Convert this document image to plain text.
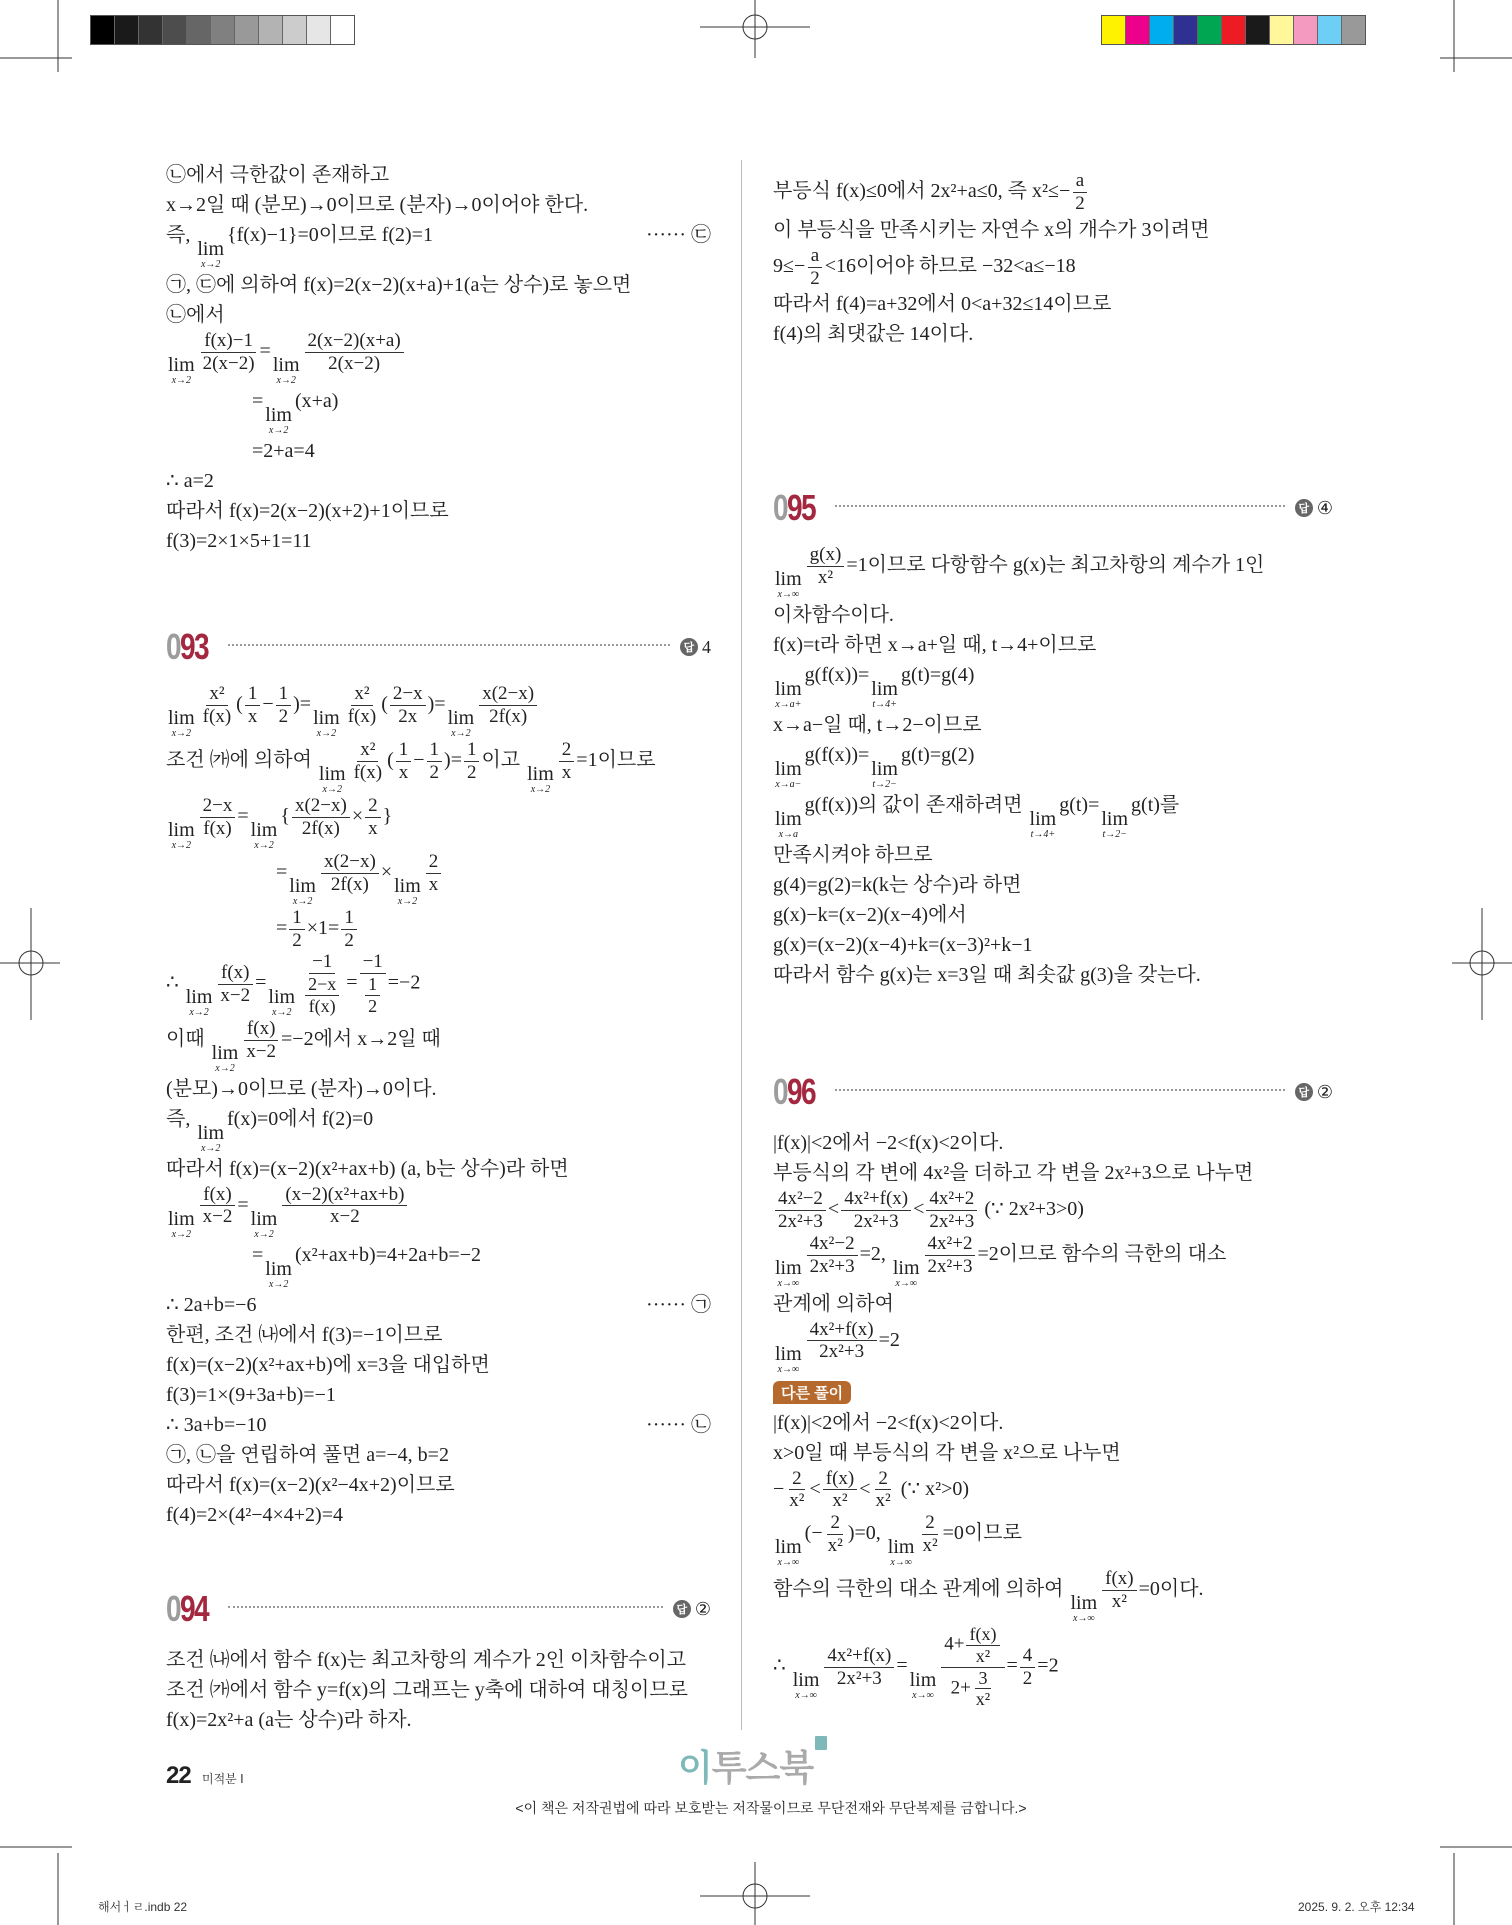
㉡에서 극한값이 존재하고
x→2일 때 (분모)→0이므로 (분자)→0이어야 한다.
즉,
lim
x→2
{f(x)−1}=0이므로 f(2)=1	······ ㉢
㉠, ㉢에 의하여 f(x)=2(x−2)(x+a)+1(a는 상수)로 놓으면
㉡에서
lim
x→2
$\frac{f(x)-1}{2(x-2)}$ =
lim
x→2
$\frac{2(x-2)(x+a)}{2(x-2)}$
=
lim
x→2
(x+a)
=2+a=4
∴ a=2
따라서 f(x)=2(x−2)(x+2)+1이므로
f(3)=2×1×5+1=11
0 93	답 4
lim
x→2
$\frac{\text{x²}}{f(x)}$ ( $\frac{1}{x} - \frac{1}{2}$ )=
lim
x→2
$\frac{\text{x²}}{f(x)}$ ( $\frac{2-x}{2x}$ )=
lim
x→2
$\frac{x(2-x)}{2f(x)}$
조건 ㈎에 의하여
lim
x→2
$\frac{\text{x²}}{f(x)}$ ( $\frac{1}{x} - \frac{1}{2}$ )= $\frac{1}{2}$ 이고
lim
x→2
$\frac{2}{x} =1$이므로
lim
x→2
$\frac{2-x}{f(x)}$ =
lim
x→2
{ $\frac{x(2-x)}{2f(x)} \times \frac{2}{x}$ }
=
lim
x→2
$\frac{x(2-x)}{2f(x)}$ ×
lim
x→2
$\frac{2}{x}$
= $\frac{1}{2} \times 1= \frac{1}{2}$
∴
lim
x→2
$\frac{f(x)}{x-2}$ =
lim
$x\to 2 \frac{-1}{\frac{2-x}{f(x)}} = \frac{-1}{\frac{1}{2}} =-2$
이때
lim
x→2
$\frac{f(x)}{x-2} =-2$에서 x→2일 때
(분모)→0이므로 (분자)→0이다.
즉,
lim
x→2
f(x)=0에서 f(2)=0
따라서 f(x)=(x−2)(x²+ax+b) (a, b는 상수)라 하면
lim
x→2
$\frac{f(x)}{x-2}$ =
lim
x→2
$\frac{\text{(x−2)(x²+ax+b)}}{x-2}$
=
lim
x→2
(x²+ax+b)=4+2a+b=−2
∴ 2a+b=−6	······ ㉠
한편, 조건 ㈏에서 f(3)=−1이므로
f(x)=(x−2)(x²+ax+b)에 x=3을 대입하면
f(3)=1×(9+3a+b)=−1
∴ 3a+b=−10	······ ㉡
㉠, ㉡을 연립하여 풀면 a=−4, b=2
따라서 f(x)=(x−2)(x²−4x+2)이므로
f(4)=2×(4²−4×4+2)=4
0 94	답 ②
조건 ㈏에서 함수 f(x)는 최고차항의 계수가 2인 이차함수이고
조건 ㈎에서 함수 y=f(x)의 그래프는 y축에 대하여 대칭이므로
f(x)=2x²+a (a는 상수)라 하자.
부등식 f(x)≤0에서 2x²+a≤0, 즉 $x^2\le- \frac{a}{2}$
이 부등식을 만족시키는 자연수 x의 개수가 3이려면
$9\le- \frac{a}{2} <16$이어야 하므로 −32<a≤−18
따라서 f(4)=a+32에서 0<a+32≤14이므로
f(4)의 최댓값은 14이다.
0 95	답 ④
lim
x→∞
$\frac{g(x)}{\text{x²}} =1$이므로 다항함수 g(x)는 최고차항의 계수가 1인
이차함수이다.
f(x)=t라 하면 x→a+일 때, t→4+이므로
lim
x→a+
g(f(x))=
lim
t→4+
g(t)=g(4)
x→a−일 때, t→2−이므로
lim
x→a−
g(f(x))=
lim
t→2−
g(t)=g(2)
lim
x→a
g(f(x))의 값이 존재하려면
lim
t→4+
g(t)=
lim
t→2−
g(t)를
만족시켜야 하므로
g(4)=g(2)=k(k는 상수)라 하면
g(x)−k=(x−2)(x−4)에서
g(x)=(x−2)(x−4)+k=(x−3)²+k−1
따라서 함수 g(x)는 x=3일 때 최솟값 g(3)을 갖는다.
0 96	답 ②
|f(x)|<2에서 −2<f(x)<2이다.
부등식의 각 변에 4x²을 더하고 각 변을 2x²+3으로 나누면
$\frac{\text{4x²−2}}{\text{2x²+3}} < \frac{\text{4x²+f(x)}}{\text{2x²+3}} < \frac{\text{4x²+2}}{\text{2x²+3}}$ (∵ 2x²+3>0)
lim
x→∞
$\frac{\text{4x²−2}}{\text{2x²+3}} =2$,
lim
x→∞
$\frac{\text{4x²+2}}{\text{2x²+3}} =2$이므로 함수의 극한의 대소
관계에 의하여
lim
x→∞
$\frac{\text{4x²+f(x)}}{\text{2x²+3}} =2$
다른 풀이
|f(x)|<2에서 −2<f(x)<2이다.
x>0일 때 부등식의 각 변을 x²으로 나누면
− $\frac{2}{\text{x²}} < \frac{f(x)}{\text{x²}} < \frac{2}{\text{x²}}$ (∵ x²>0)
lim
x→∞
(− $\frac{2}{\text{x²}} )=0$,
lim
x→∞
$\frac{2}{\text{x²}} =0$이므로
함수의 극한의 대소 관계에 의하여
lim
x→∞
$\frac{f(x)}{\text{x²}} =0$이다.
∴
lim
x→∞
$\frac{\text{4x²+f(x)}}{\text{2x²+3}}$ =
lim
$x\to\infty \frac{4+ \frac{f(x)}{\text{x²}}}{2+ \frac{3}{\text{x²}}} = \frac{4}{2} =2$
22 미적분 Ⅰ	이투스북
<이 책은 저작권법에 따라 보호받는 저작물이므로 무단전재와 무단복제를 금합니다.>
해서ㅓㄹ.indb 22	2025. 9. 2. 오후 12:34
